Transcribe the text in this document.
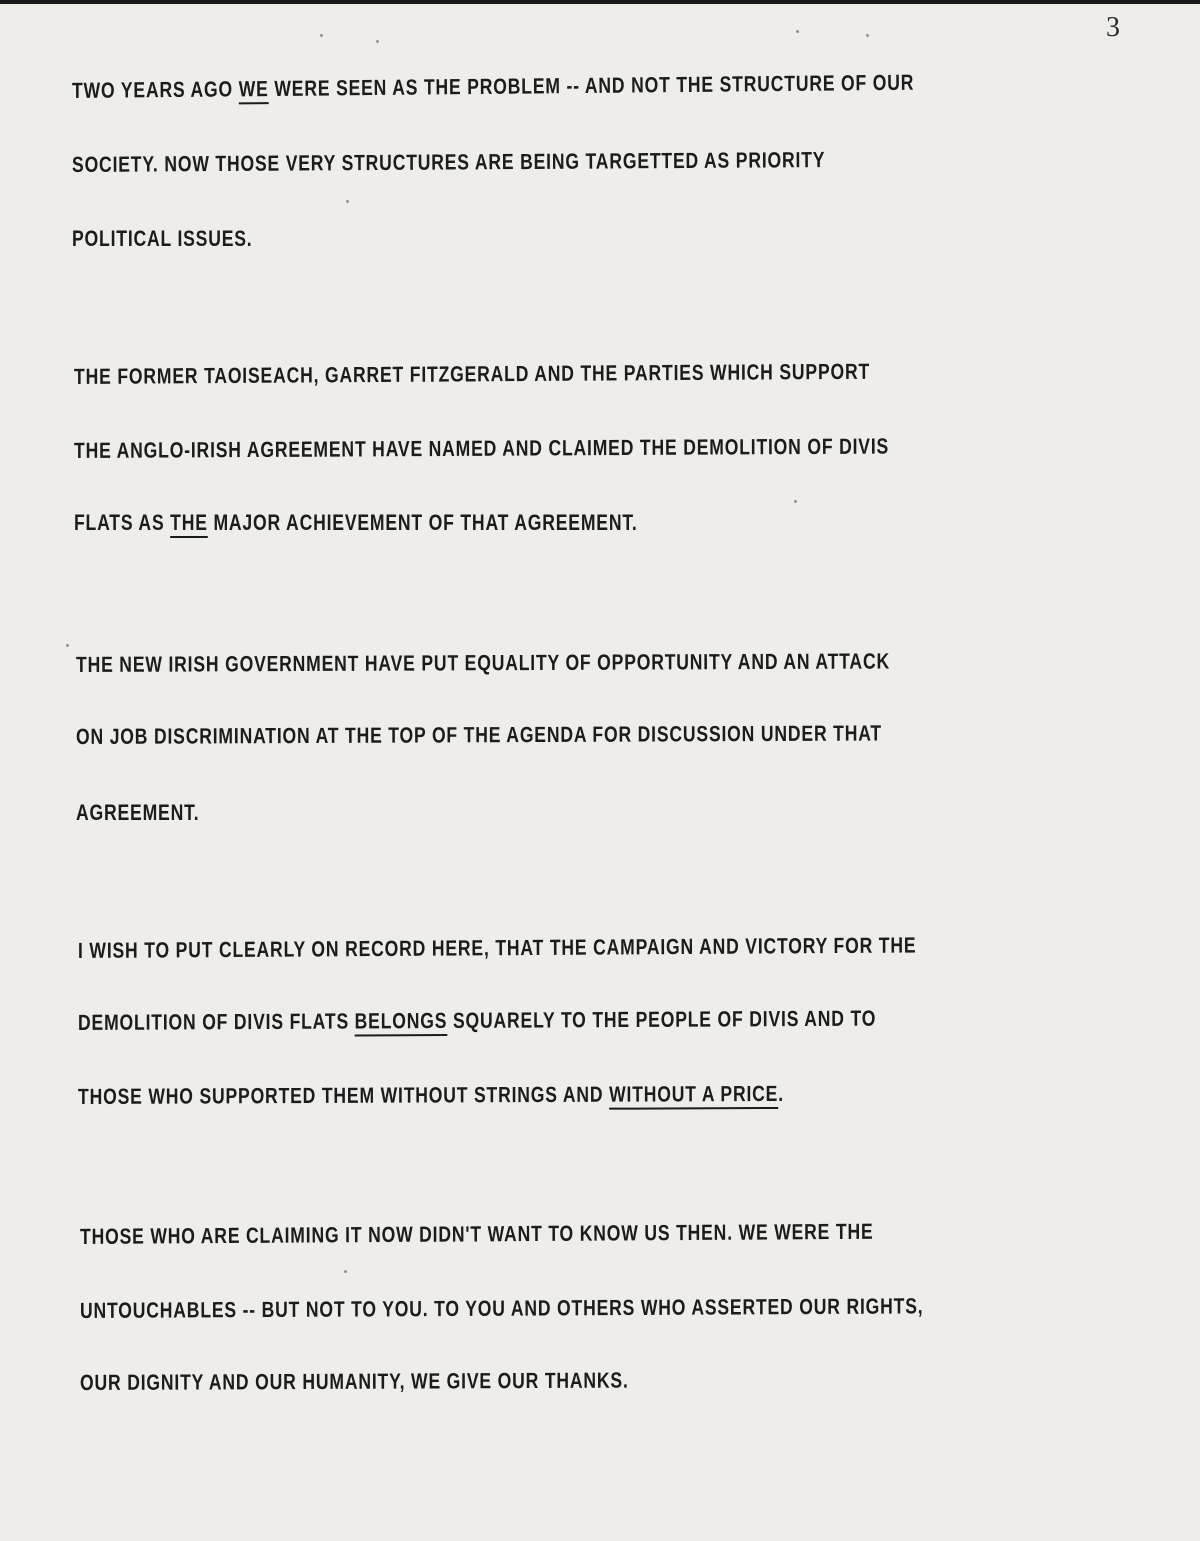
3
TWO YEARS AGO WE WERE SEEN AS THE PROBLEM -- AND NOT THE STRUCTURE OF OUR
SOCIETY. NOW THOSE VERY STRUCTURES ARE BEING TARGETTED AS PRIORITY
POLITICAL ISSUES.
THE FORMER TAOISEACH, GARRET FITZGERALD AND THE PARTIES WHICH SUPPORT
THE ANGLO-IRISH AGREEMENT HAVE NAMED AND CLAIMED THE DEMOLITION OF DIVIS
FLATS AS THE MAJOR ACHIEVEMENT OF THAT AGREEMENT.
THE NEW IRISH GOVERNMENT HAVE PUT EQUALITY OF OPPORTUNITY AND AN ATTACK
ON JOB DISCRIMINATION AT THE TOP OF THE AGENDA FOR DISCUSSION UNDER THAT
AGREEMENT.
I WISH TO PUT CLEARLY ON RECORD HERE, THAT THE CAMPAIGN AND VICTORY FOR THE
DEMOLITION OF DIVIS FLATS BELONGS SQUARELY TO THE PEOPLE OF DIVIS AND TO
THOSE WHO SUPPORTED THEM WITHOUT STRINGS AND WITHOUT A PRICE.
THOSE WHO ARE CLAIMING IT NOW DIDN'T WANT TO KNOW US THEN. WE WERE THE
UNTOUCHABLES -- BUT NOT TO YOU. TO YOU AND OTHERS WHO ASSERTED OUR RIGHTS,
OUR DIGNITY AND OUR HUMANITY, WE GIVE OUR THANKS.
